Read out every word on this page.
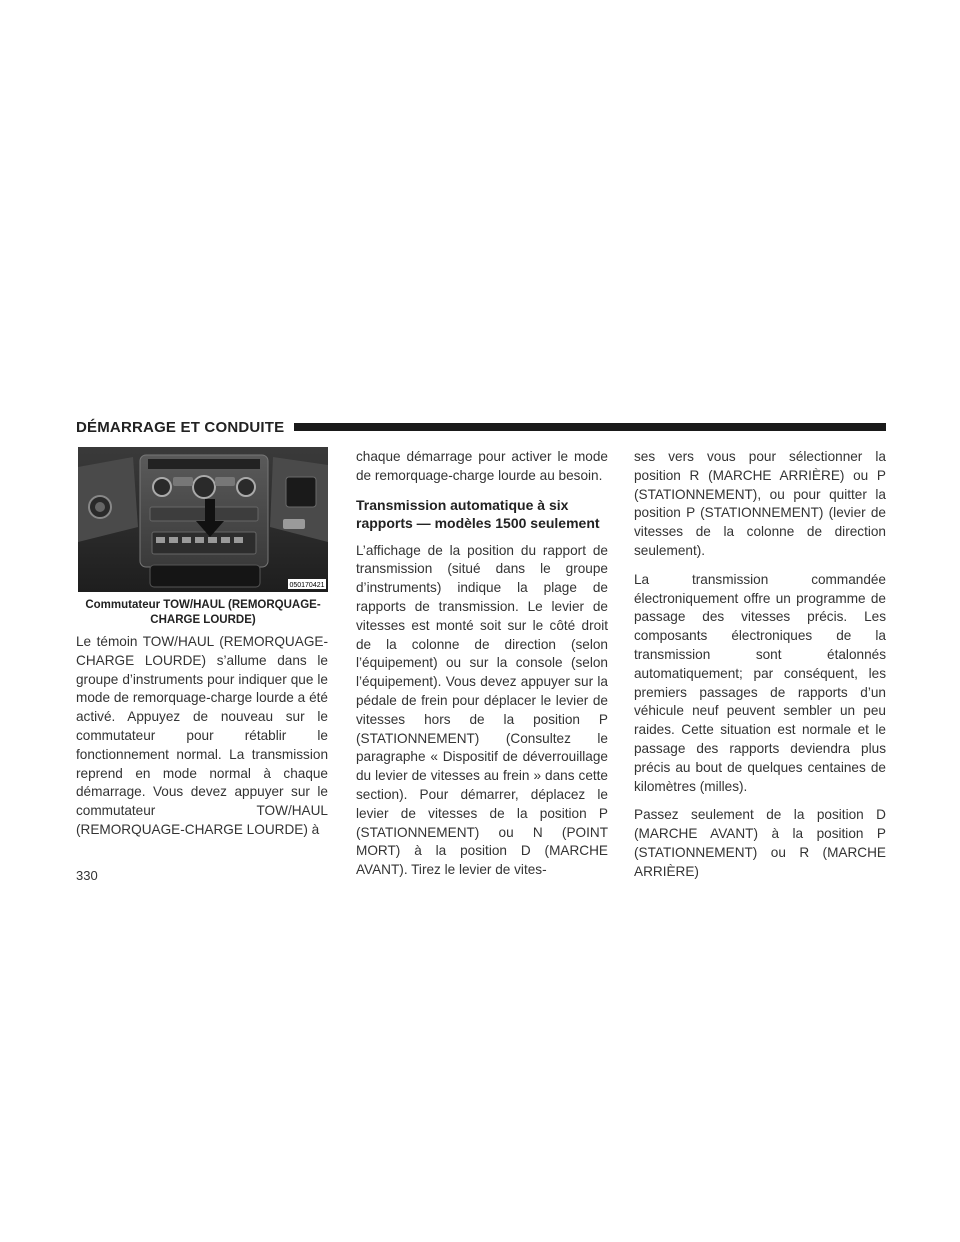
DÉMARRAGE ET CONDUITE
050170421
Commutateur TOW/HAUL (REMORQUAGE-
CHARGE LOURDE)

Le témoin TOW/HAUL (REMORQUAGE-CHARGE LOURDE) s’allume dans le groupe d’instruments pour indiquer que le mode de remorquage-charge lourde a été activé. Appuyez de nouveau sur le commutateur pour rétablir le fonctionnement normal. La transmission reprend en mode normal à chaque démarrage. Vous devez appuyer sur le commutateur TOW/HAUL (REMORQUAGE-CHARGE LOURDE) à

chaque démarrage pour activer le mode de remorquage-charge lourde au besoin.

Transmission automatique à six rapports — modèles 1500 seulement

L’affichage de la position du rapport de transmission (situé dans le groupe d’instruments) indique la plage de rapports de transmission. Le levier de vitesses est monté soit sur le côté droit de la colonne de direction (selon l’équipement) ou sur la console (selon l’équipement). Vous devez appuyer sur la pédale de frein pour déplacer le levier de vitesses hors de la position P (STATIONNEMENT) (Consultez le paragraphe « Dispositif de déverrouillage du levier de vitesses au frein » dans cette section). Pour démarrer, déplacez le levier de vitesses de la position P (STATIONNEMENT) ou N (POINT MORT) à la position D (MARCHE AVANT). Tirez le levier de vites-

ses vers vous pour sélectionner la position R (MARCHE ARRIÈRE) ou P (STATIONNEMENT), ou pour quitter la position P (STATIONNEMENT) (levier de vitesses de la colonne de direction seulement).

La transmission commandée électroniquement offre un programme de passage des vitesses précis. Les composants électroniques de la transmission sont étalonnés automatiquement; par conséquent, les premiers passages de rapports d’un véhicule neuf peuvent sembler un peu raides. Cette situation est normale et le passage des rapports deviendra plus précis au bout de quelques centaines de kilomètres (milles).

Passez seulement de la position D (MARCHE AVANT) à la position P (STATIONNEMENT) ou R (MARCHE ARRIÈRE)

330
